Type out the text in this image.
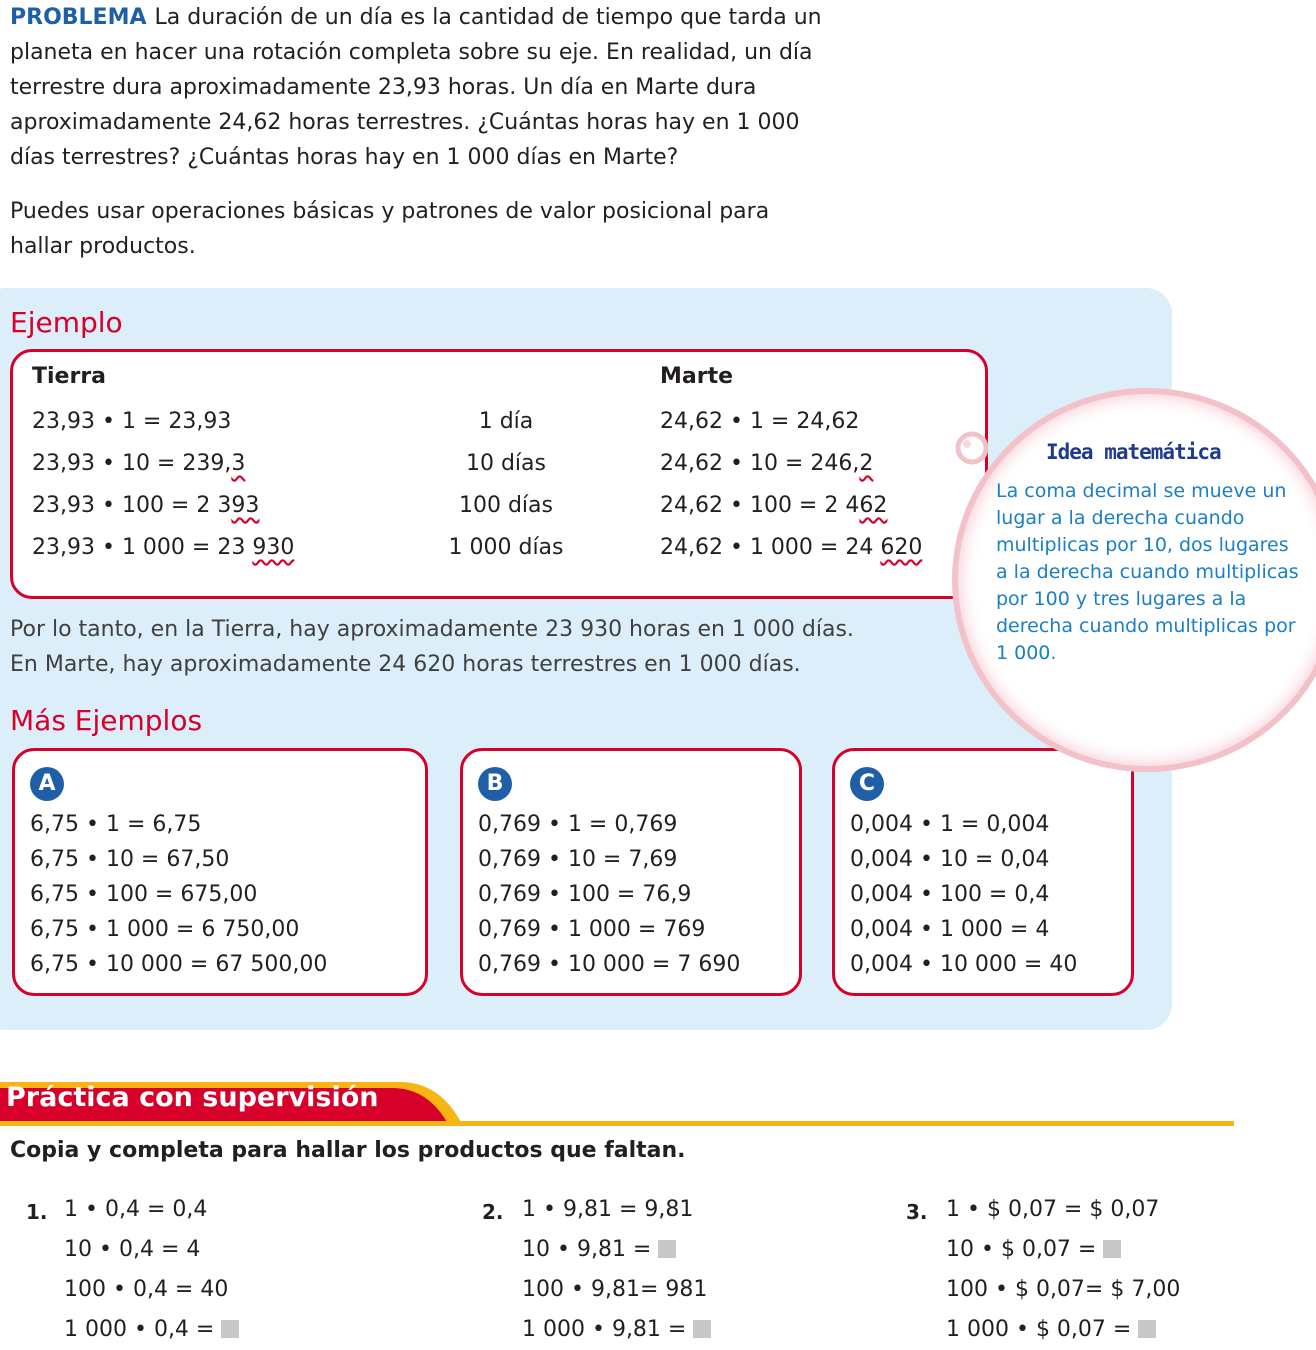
PROBLEMA La duración de un día es la cantidad de tiempo que tarda un planeta en hacer una rotación completa sobre su eje. En realidad, un día terrestre dura aproximadamente 23,93 horas. Un día en Marte dura aproximadamente 24,62 horas terrestres. ¿Cuántas horas hay en 1 000 días terrestres? ¿Cuántas horas hay en 1 000 días en Marte?
Puedes usar operaciones básicas y patrones de valor posicional para hallar productos.
Ejemplo
Tierra	Marte
23,93 • 1 = 23,93
23,93 • 10 = 239,3
23,93 • 100 = 2 393
23,93 • 1 000 = 23 930
1 día
10 días
100 días
1 000 días
24,62 • 1 = 24,62
24,62 • 10 = 246,2
24,62 • 100 = 2 462
24,62 • 1 000 = 24 620
Por lo tanto, en la Tierra, hay aproximadamente 23 930 horas en 1 000 días.
En Marte, hay aproximadamente 24 620 horas terrestres en 1 000 días.
Más Ejemplos
A
6,75 • 1 = 6,75
6,75 • 10 = 67,50
6,75 • 100 = 675,00
6,75 • 1 000 = 6 750,00
6,75 • 10 000 = 67 500,00
B
0,769 • 1 = 0,769
0,769 • 10 = 7,69
0,769 • 100 = 76,9
0,769 • 1 000 = 769
0,769 • 10 000 = 7 690
C
0,004 • 1 = 0,004
0,004 • 10 = 0,04
0,004 • 100 = 0,4
0,004 • 1 000 = 4
0,004 • 10 000 = 40
Idea matemática
La coma decimal se mueve un lugar a la derecha cuando multiplicas por 10, dos lugares a la derecha cuando multiplicas por 100 y tres lugares a la derecha cuando multiplicas por 1 000.
Práctica con supervisión
Copia y completa para hallar los productos que faltan.
1. 1 • 0,4 = 0,4
10 • 0,4 = 4
100 • 0,4 = 40
1 000 • 0,4 =
2. 1 • 9,81 = 9,81
10 • 9,81 =
100 • 9,81= 981
1 000 • 9,81 =
3. 1 • $ 0,07 = $ 0,07
10 • $ 0,07 =
100 • $ 0,07= $ 7,00
1 000 • $ 0,07 =
